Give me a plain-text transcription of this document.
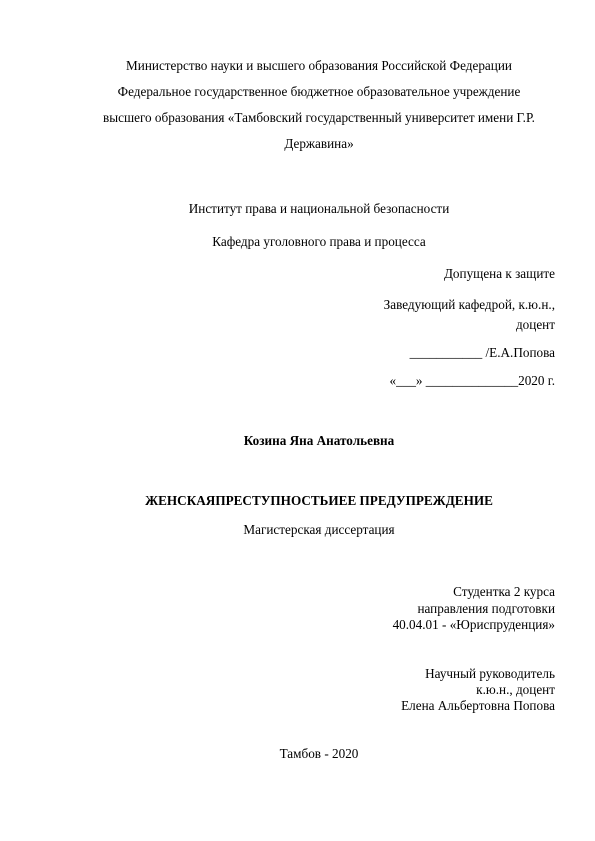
Министерство науки и высшего образования Российской Федерации
Федеральное государственное бюджетное образовательное учреждение
высшего образования «Тамбовский государственный университет имени Г.Р.
Державина»
Институт права и национальной безопасности
Кафедра уголовного права и процесса
Допущена к защите
Заведующий кафедрой, к.ю.н.,
доцент
___________ /Е.А.Попова
«___» ______________2020 г.
Козина Яна Анатольевна
ЖЕНСКАЯПРЕСТУПНОСТЬИЕЕ ПРЕДУПРЕЖДЕНИЕ
Магистерская диссертация
Студентка 2 курса
направления подготовки
40.04.01 - «Юриспруденция»
Научный руководитель
к.ю.н., доцент
Елена Альбертовна Попова
Тамбов - 2020
